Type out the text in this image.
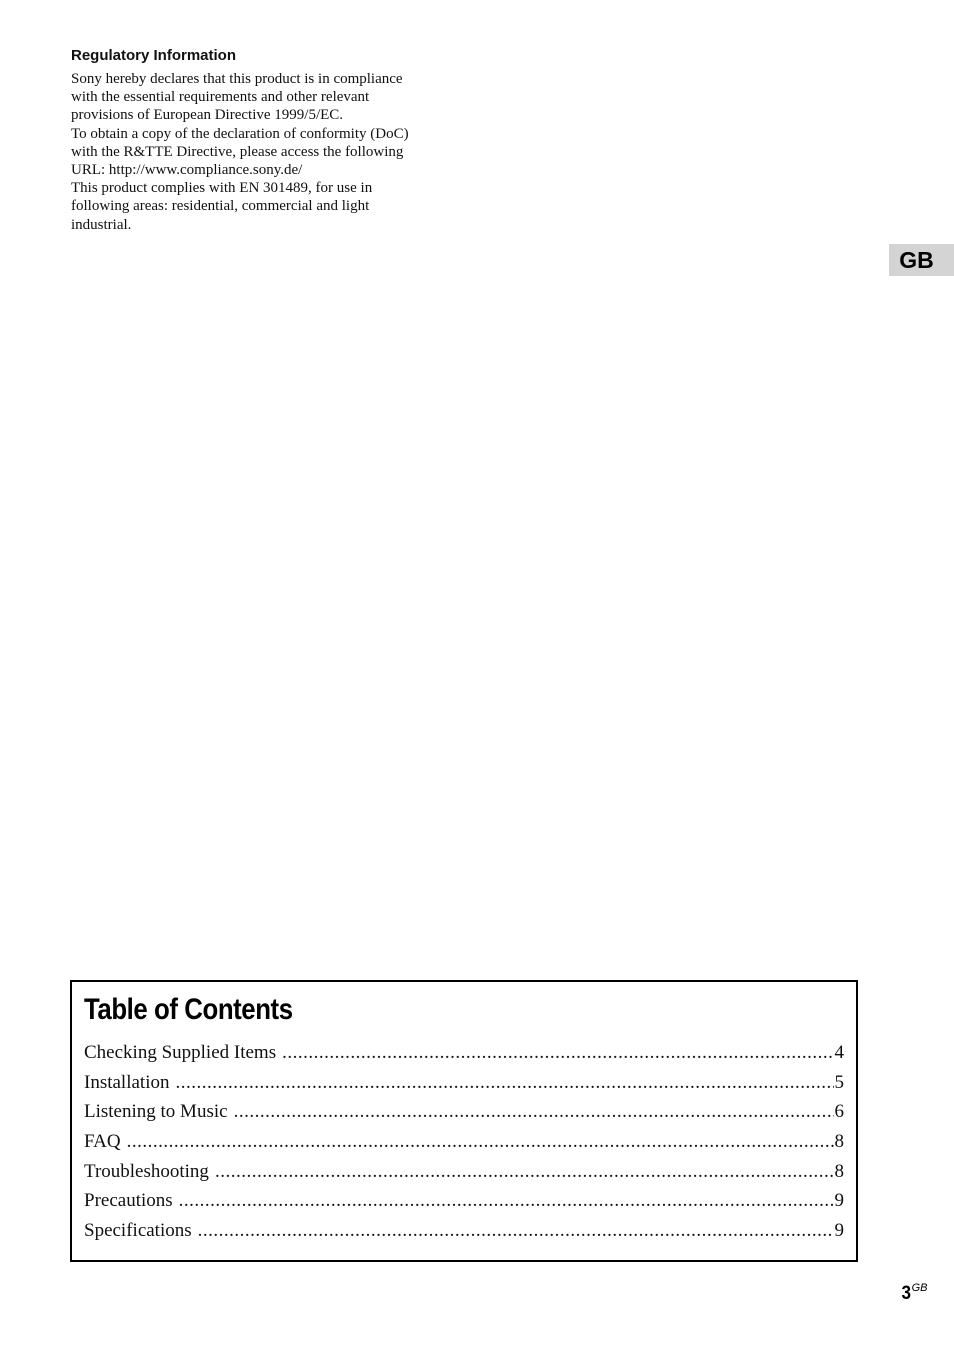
Regulatory Information

Sony hereby declares that this product is in compliance
with the essential requirements and other relevant
provisions of European Directive 1999/5/EC.
To obtain a copy of the declaration of conformity (DoC)
with the R&TTE Directive, please access the following
URL: http://www.compliance.sony.de/
This product complies with EN 301489, for use in
following areas: residential, commercial and light
industrial.

GB
Table of Contents
Checking Supplied Items .....	4
Installation .....	5
Listening to Music .....	6
FAQ .....	8
Troubleshooting .....	8
Precautions .....	9
Specifications .....	9
$3^{GB}$
